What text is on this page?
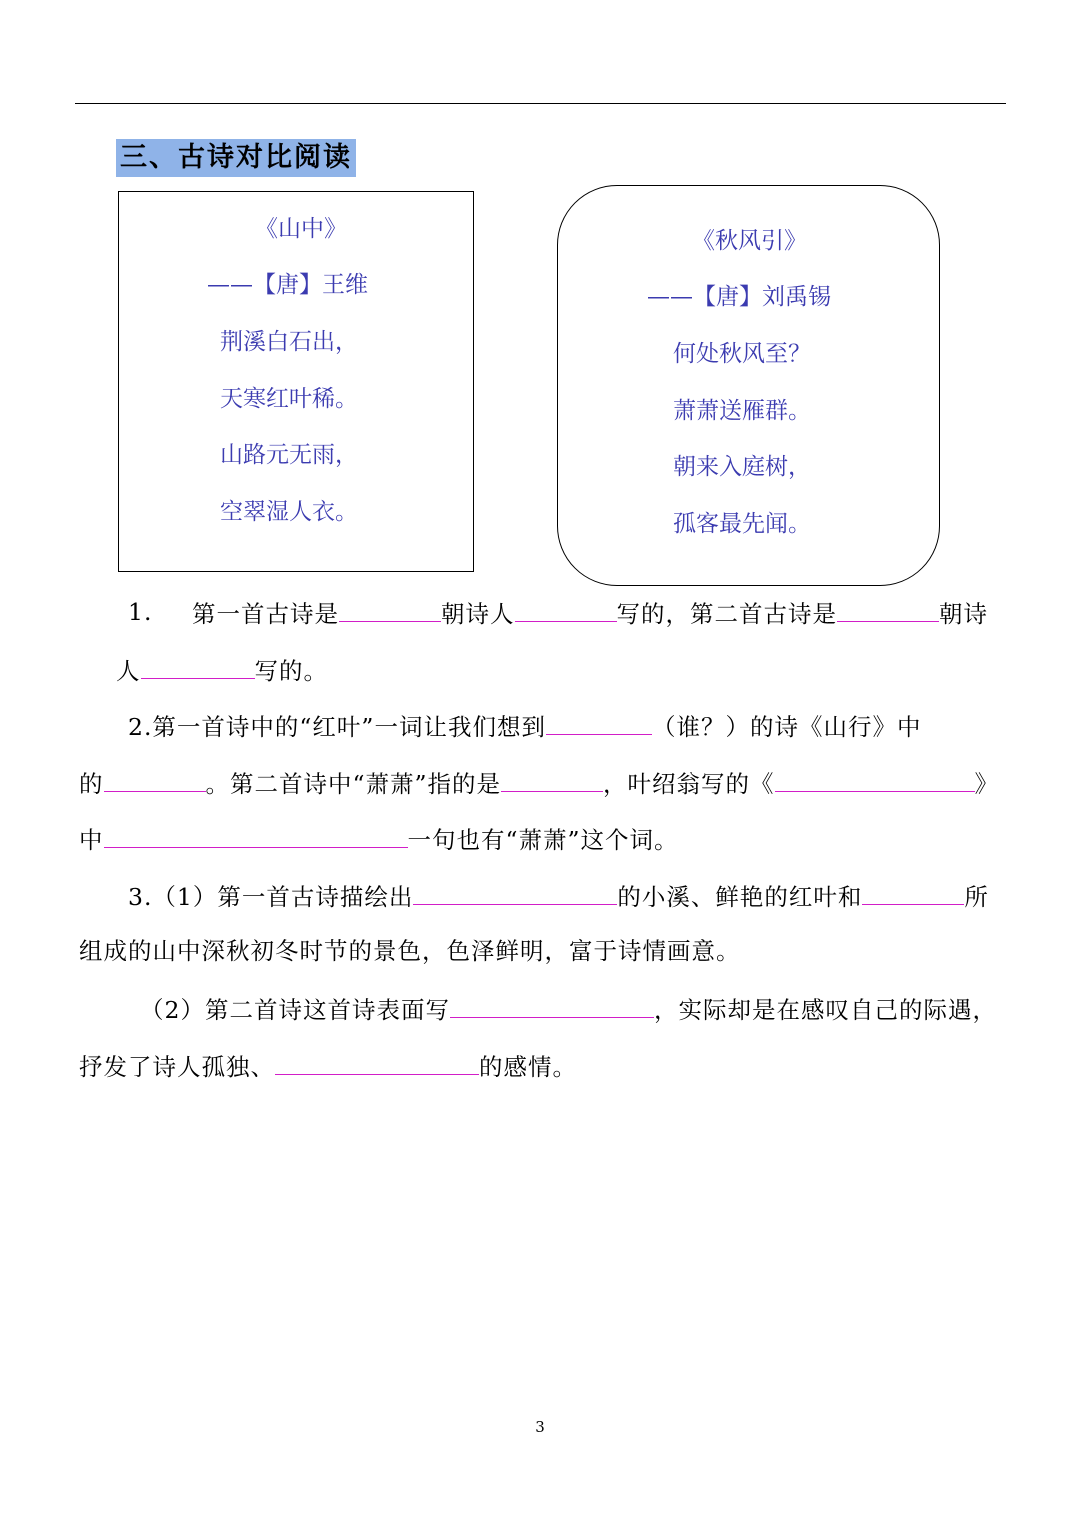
三、古诗对比阅读
《山中》
——【唐】王维
荆溪白石出，
天寒红叶稀。
山路元无雨，
空翠湿人衣。
《秋风引》
——【唐】刘禹锡
何处秋风至？
萧萧送雁群。
朝来入庭树，
孤客最先闻。
1. 第一首古诗是	朝诗人	写的，第二首古诗是	朝诗
人	写的。
2.第一首诗中的“红叶”一词让我们想到	（谁？）的诗《山行》中
的	。第二首诗中“萧萧”指的是	，叶绍翁写的《	》
中	一句也有“萧萧”这个词。
3.（1）第一首古诗描绘出	的小溪、鲜艳的红叶和	所
组成的山中深秋初冬时节的景色，色泽鲜明，富于诗情画意。
（2）第二首诗这首诗表面写	，实际却是在感叹自己的际遇，
抒发了诗人孤独、	的感情。
3
